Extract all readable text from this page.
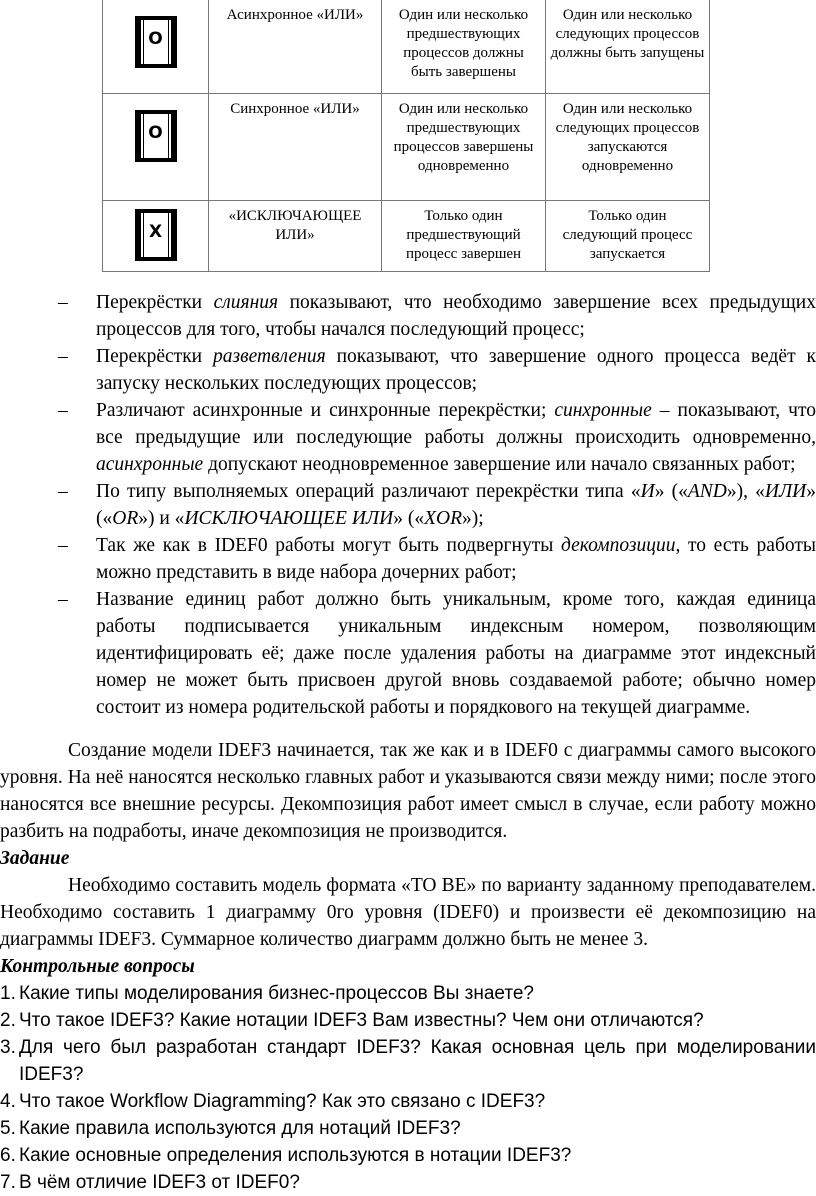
O	Асинхронное «ИЛИ»	Один или несколько предшествующих процессов должны быть завершены	Один или несколько следующих процессов должны быть запущены

O	Синхронное «ИЛИ»	Один или несколько предшествующих процессов завершены одновременно	Один или несколько следующих процессов запускаются одновременно

X	«ИСКЛЮЧАЮЩЕЕ ИЛИ»	Только один предшествующий процесс завершен	Только один следующий процесс запускается

– Перекрёстки слияния показывают, что необходимо завершение всех предыдущих процессов для того, чтобы начался последующий процесс;

– Перекрёстки разветвления показывают, что завершение одного процесса ведёт к запуску нескольких последующих процессов;

– Различают асинхронные и синхронные перекрёстки; синхронные – показывают, что все предыдущие или последующие работы должны происходить одновременно, асинхронные допускают неодновременное завершение или начало связанных работ;

– По типу выполняемых операций различают перекрёстки типа «И» («AND»), «ИЛИ» («OR») и «ИСКЛЮЧАЮЩЕЕ ИЛИ» («XOR»);

– Так же как в IDEF0 работы могут быть подвергнуты декомпозиции, то есть работы можно представить в виде набора дочерних работ;

– Название единиц работ должно быть уникальным, кроме того, каждая единица работы подписывается уникальным индексным номером, позволяющим идентифицировать её; даже после удаления работы на диаграмме этот индексный номер не может быть присвоен другой вновь создаваемой работе; обычно номер состоит из номера родительской работы и порядкового на текущей диаграмме.

Создание модели IDEF3 начинается, так же как и в IDEF0 с диаграммы самого высокого уровня. На неё наносятся несколько главных работ и указываются связи между ними; после этого наносятся все внешние ресурсы. Декомпозиция работ имеет смысл в случае, если работу можно разбить на подработы, иначе декомпозиция не производится.

Задание

Необходимо составить модель формата «TO BE» по варианту заданному преподавателем. Необходимо составить 1 диаграмму 0го уровня (IDEF0) и произвести её декомпозицию на диаграммы IDEF3. Суммарное количество диаграмм должно быть не менее 3.

Контрольные вопросы

1. Какие типы моделирования бизнес-процессов Вы знаете?

2. Что такое IDEF3? Какие нотации IDEF3 Вам известны? Чем они отличаются?

3. Для чего был разработан стандарт IDEF3? Какая основная цель при моделировании IDEF3?

4. Что такое Workflow Diagramming? Как это связано с IDEF3?

5. Какие правила используются для нотаций IDEF3?

6. Какие основные определения используются в нотации IDEF3?

7. В чём отличие IDEF3 от IDEF0?
